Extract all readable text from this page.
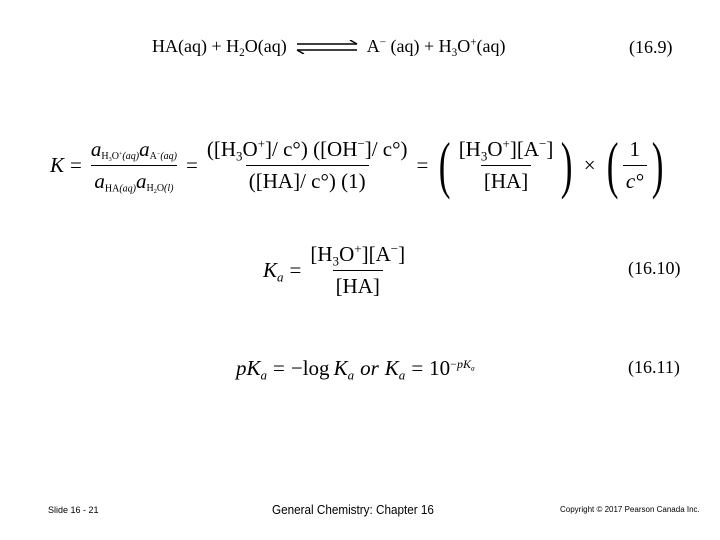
$HA(aq) + H_2O(aq)$ ⇌ A− $(aq) + H_3O^+(aq)$	(16.9)
$K = \frac{a_{H_3O^+(aq)}a_{A^-(aq)}}{a_{HA(aq)}a_{H_2O(l)}} = \frac{([H_3O^+]/ c^\circ) ([OH^-]/ c^\circ)}{([HA]/ c^\circ) (1)}$ = ( $\frac{[H_3O^+][A^-]}{[HA]}$ ) × ( $\frac{1}{c^\circ}$ )
$K_a = \frac{[H_3O^+][A^-]}{[HA]}$	(16.10)
$pK_a = -\log$ $K_a$ or $K_a = 10^{-pK_a}$	(16.11)
Slide 16 - 21	General Chemistry: Chapter 16	Copyright © 2017 Pearson Canada Inc.
